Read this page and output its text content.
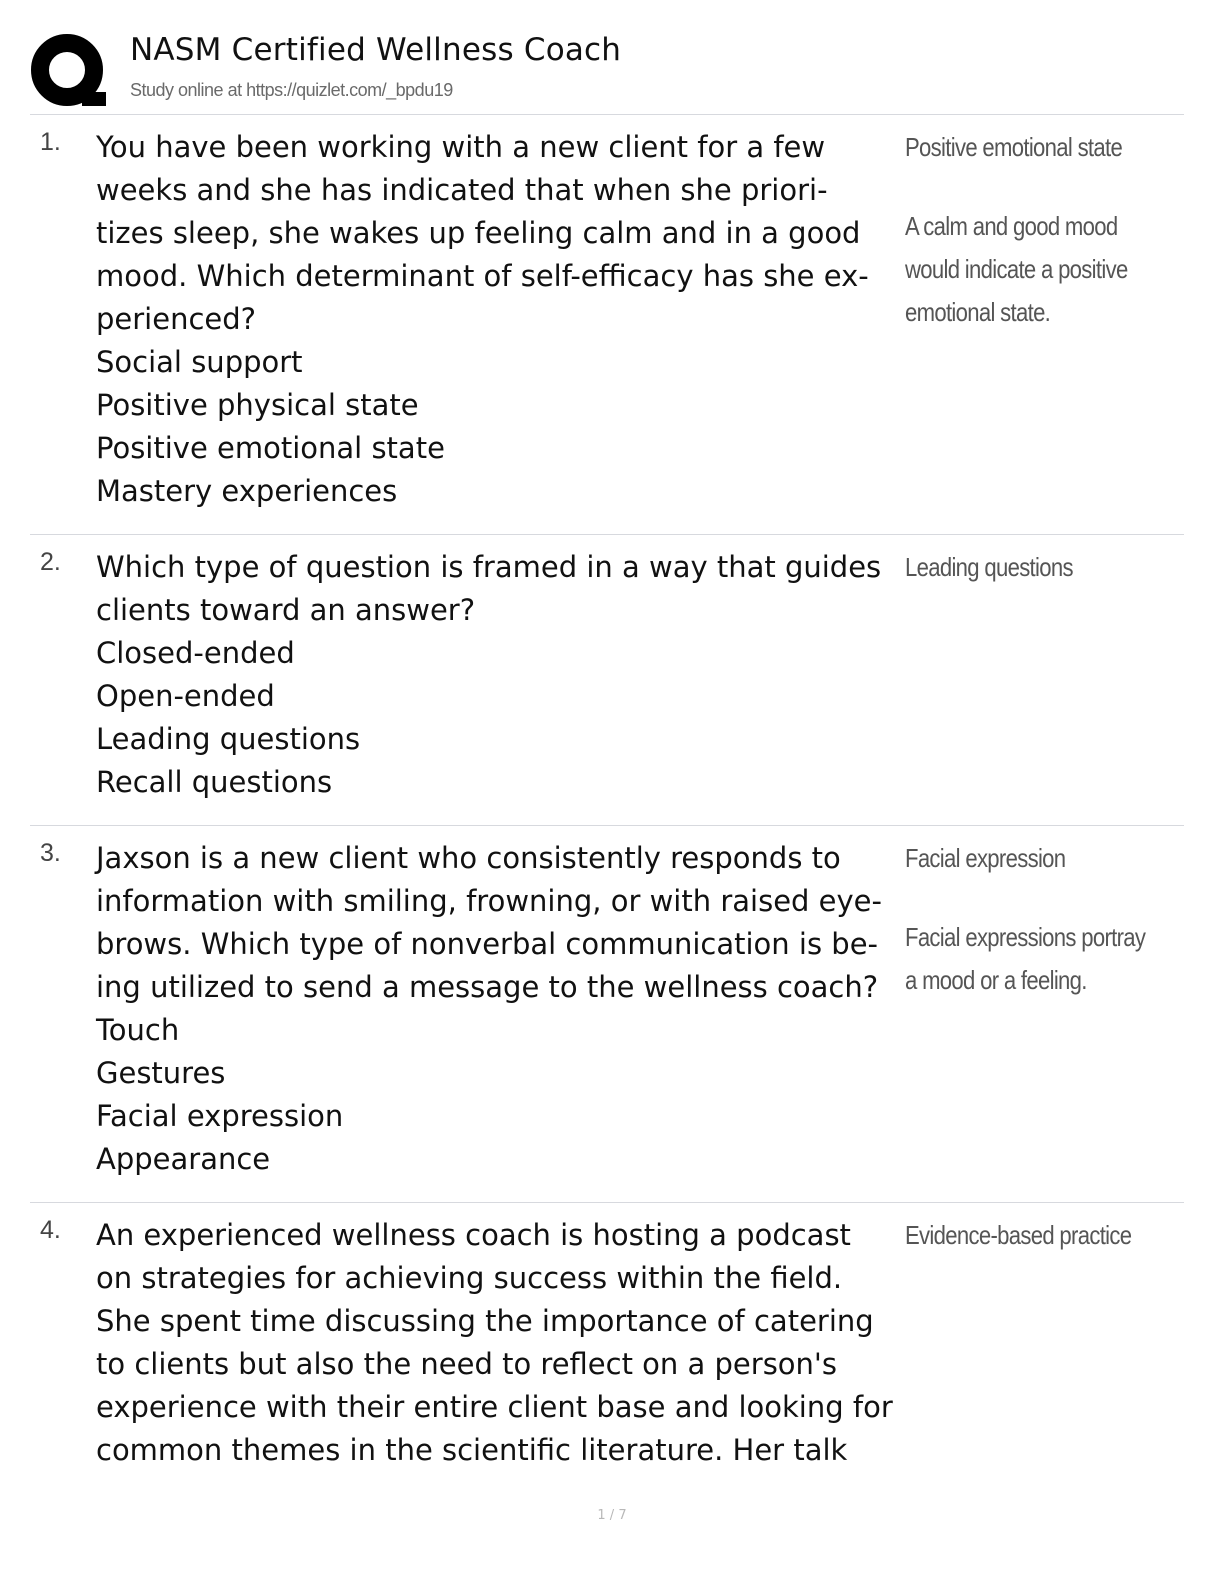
NASM Certified Wellness Coach
Study online at https://quizlet.com/_bpdu19
1. You have been working with a new client for a few
weeks and she has indicated that when she priori-
tizes sleep, she wakes up feeling calm and in a good
mood. Which determinant of self-efficacy has she ex-
perienced?
Social support
Positive physical state
Positive emotional state
Mastery experiences
Positive emotional state
A calm and good mood
would indicate a positive
emotional state.
2. Which type of question is framed in a way that guides
clients toward an answer?
Closed-ended
Open-ended
Leading questions
Recall questions
Leading questions
3. Jaxson is a new client who consistently responds to
information with smiling, frowning, or with raised eye-
brows. Which type of nonverbal communication is be-
ing utilized to send a message to the wellness coach?
Touch
Gestures
Facial expression
Appearance
Facial expression
Facial expressions portray
a mood or a feeling.
4. An experienced wellness coach is hosting a podcast
on strategies for achieving success within the field.
She spent time discussing the importance of catering
to clients but also the need to reflect on a person's
experience with their entire client base and looking for
common themes in the scientific literature. Her talk
Evidence-based practice
1 / 7
